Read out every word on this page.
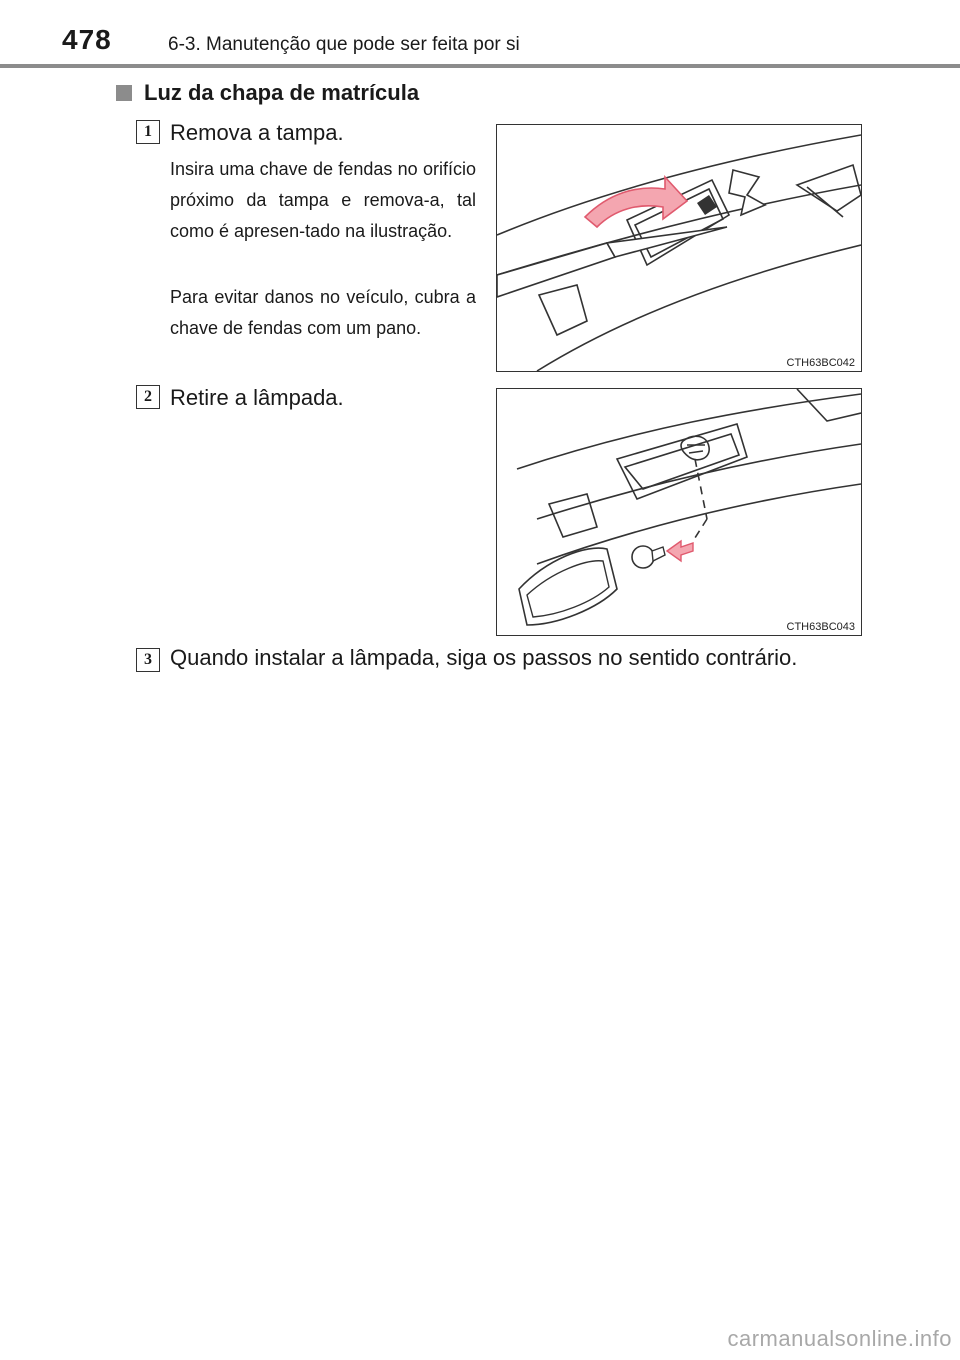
478	6-3. Manutenção que pode ser feita por si
Luz da chapa de matrícula
1 Remova a tampa.
Insira uma chave de fendas no orifício próximo da tampa e remova-a, tal como é apresen-tado na ilustração.
Para evitar danos no veículo, cubra a chave de fendas com um pano.
CTH63BC042
2 Retire a lâmpada.
CTH63BC043
3 Quando instalar a lâmpada, siga os passos no sentido contrário.
carmanualsonline.info
